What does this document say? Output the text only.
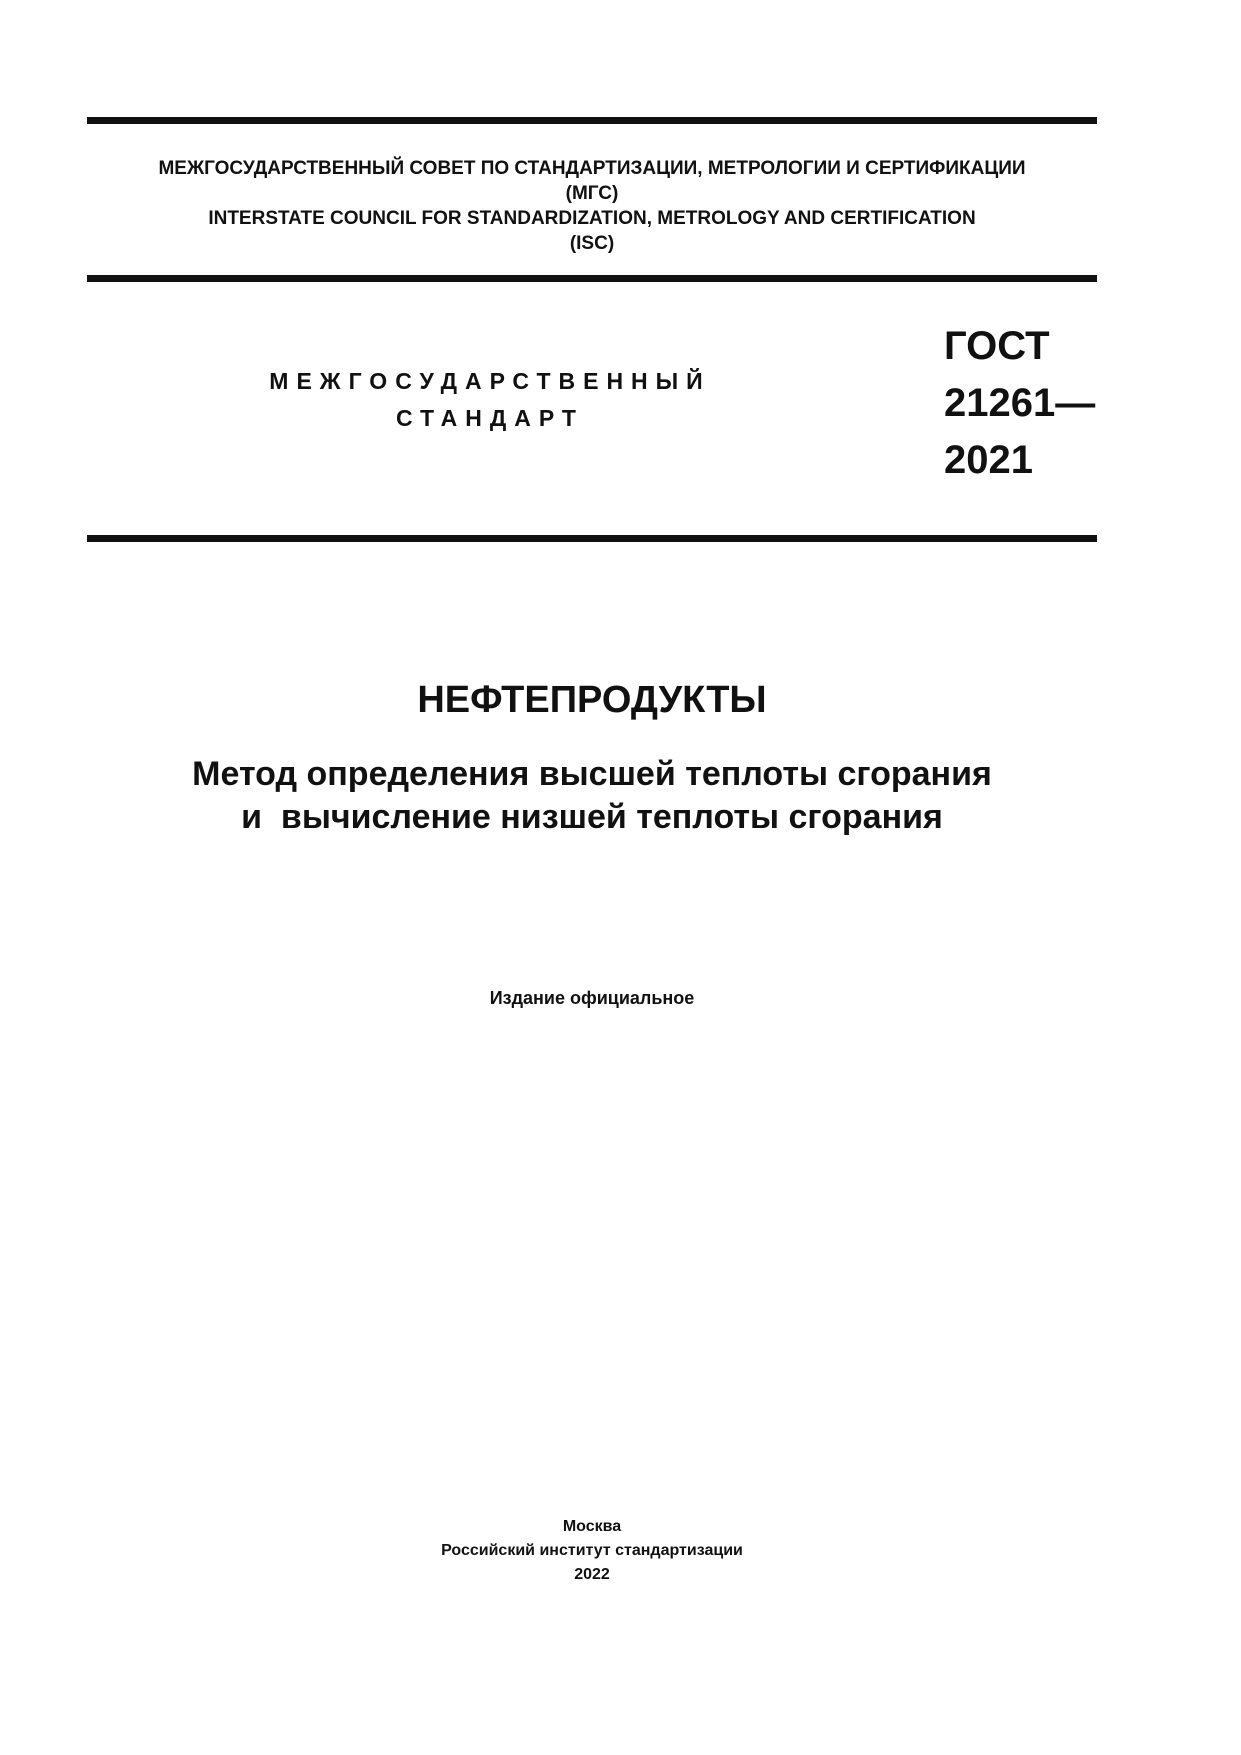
МЕЖГОСУДАРСТВЕННЫЙ СОВЕТ ПО СТАНДАРТИЗАЦИИ, МЕТРОЛОГИИ И СЕРТИФИКАЦИИ
(МГС)
INTERSTATE COUNCIL FOR STANDARDIZATION, METROLOGY AND CERTIFICATION
(ISC)
МЕЖГОСУДАРСТВЕННЫЙ
СТАНДАРТ
ГОСТ
21261—
2021
НЕФТЕПРОДУКТЫ
Метод определения высшей теплоты сгорания
и  вычисление низшей теплоты сгорания
Издание официальное
Москва
Российский институт стандартизации
2022
